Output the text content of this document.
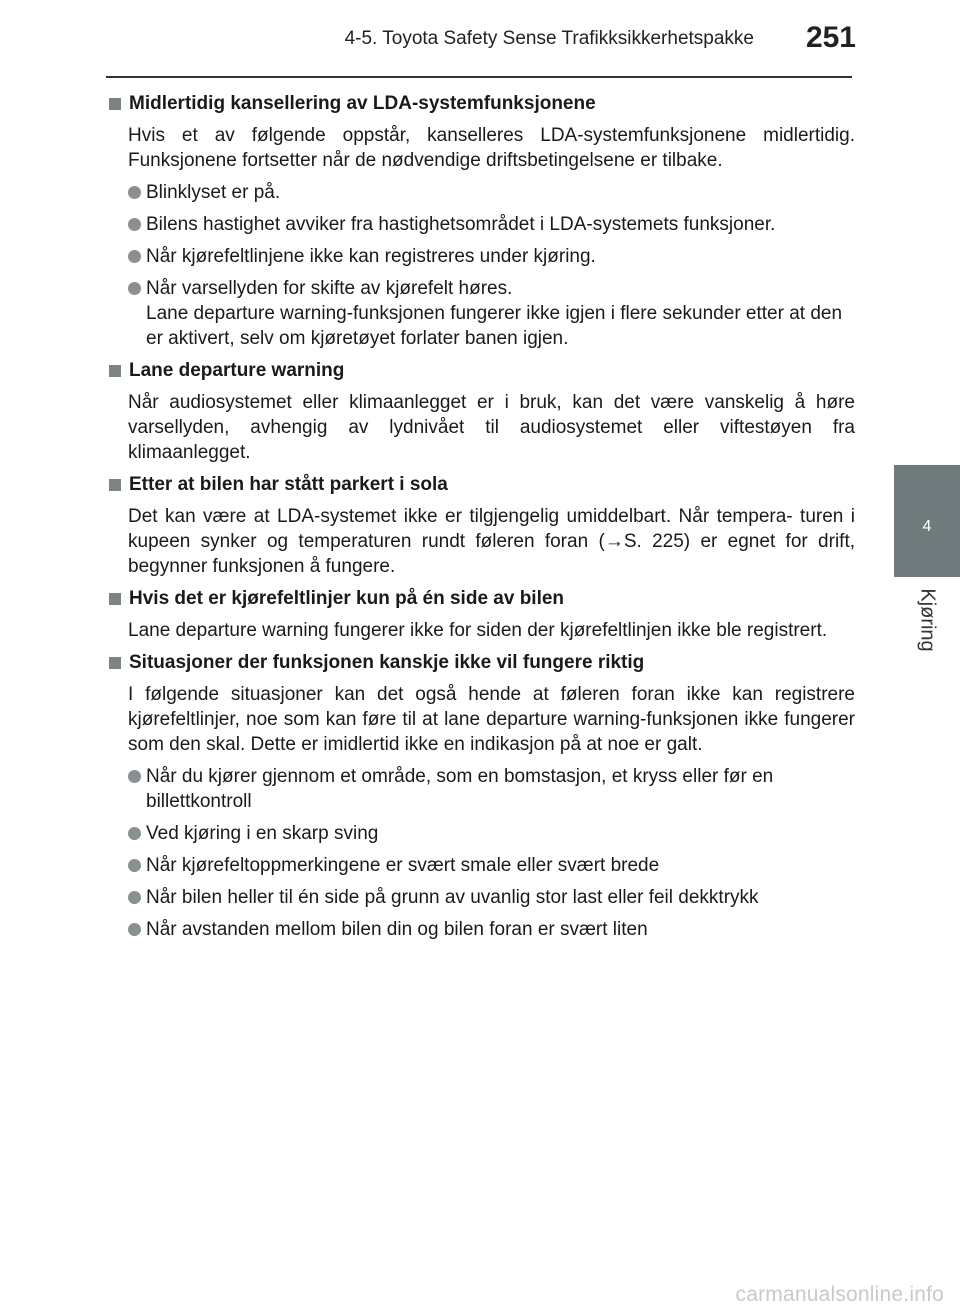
4-5. Toyota Safety Sense Trafikksikkerhetspakke	251
4
Kjøring
Midlertidig kansellering av LDA-systemfunksjonene
Hvis et av følgende oppstår, kanselleres LDA-systemfunksjonene midlertidig. Funksjonene fortsetter når de nødvendige driftsbetingelsene er tilbake.
Blinklyset er på.
Bilens hastighet avviker fra hastighetsområdet i LDA-systemets funksjoner.
Når kjørefeltlinjene ikke kan registreres under kjøring.
Når varsellyden for skifte av kjørefelt høres.
Lane departure warning-funksjonen fungerer ikke igjen i flere sekunder etter at den er aktivert, selv om kjøretøyet forlater banen igjen.
Lane departure warning
Når audiosystemet eller klimaanlegget er i bruk, kan det være vanskelig å høre varsellyden, avhengig av lydnivået til audiosystemet eller viftestøyen fra klimaanlegget.
Etter at bilen har stått parkert i sola
Det kan være at LDA-systemet ikke er tilgjengelig umiddelbart. Når tempera- turen i kupeen synker og temperaturen rundt føleren foran (→S. 225) er egnet for drift, begynner funksjonen å fungere.
Hvis det er kjørefeltlinjer kun på én side av bilen
Lane departure warning fungerer ikke for siden der kjørefeltlinjen ikke ble registrert.
Situasjoner der funksjonen kanskje ikke vil fungere riktig
I følgende situasjoner kan det også hende at føleren foran ikke kan registrere kjørefeltlinjer, noe som kan føre til at lane departure warning-funksjonen ikke fungerer som den skal. Dette er imidlertid ikke en indikasjon på at noe er galt.
Når du kjører gjennom et område, som en bomstasjon, et kryss eller før en billettkontroll
Ved kjøring i en skarp sving
Når kjørefeltoppmerkingene er svært smale eller svært brede
Når bilen heller til én side på grunn av uvanlig stor last eller feil dekktrykk
Når avstanden mellom bilen din og bilen foran er svært liten
carmanualsonline.info
